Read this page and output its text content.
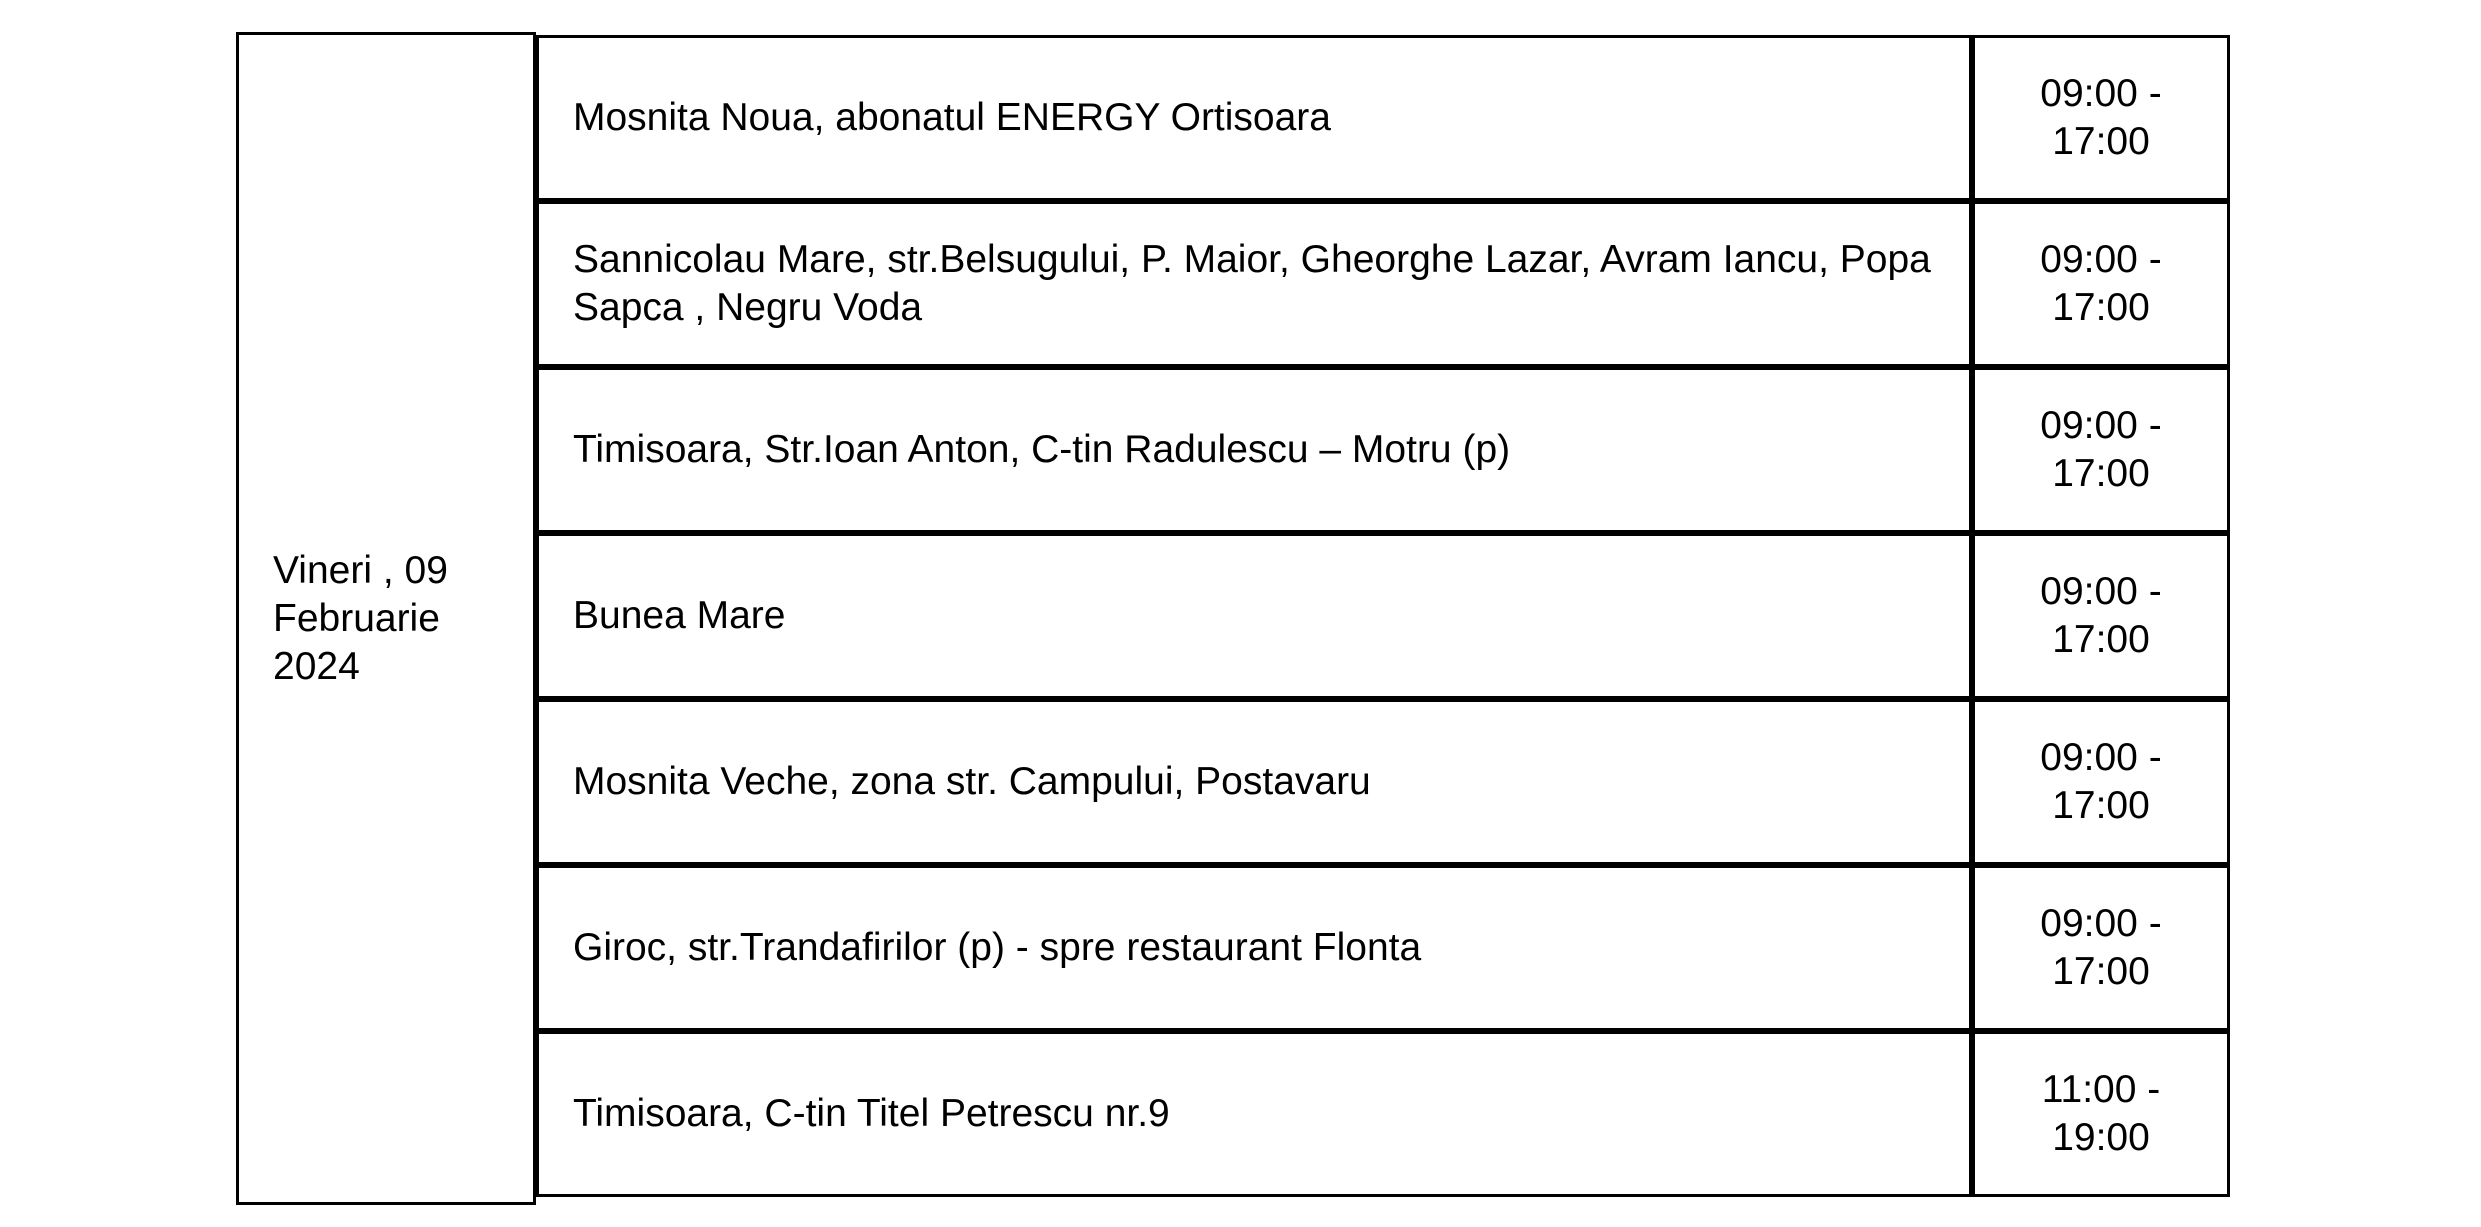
Vineri , 09
Februarie
2024
Mosnita Noua, abonatul ENERGY Ortisoara
09:00 -
17:00
Sannicolau Mare, str.Belsugului, P. Maior, Gheorghe Lazar, Avram Iancu, Popa Sapca , Negru Voda
09:00 -
17:00
Timisoara, Str.Ioan Anton, C-tin Radulescu – Motru (p)
09:00 -
17:00
Bunea Mare
09:00 -
17:00
Mosnita Veche, zona str. Campului, Postavaru
09:00 -
17:00
Giroc, str.Trandafirilor (p) - spre restaurant Flonta
09:00 -
17:00
Timisoara, C-tin Titel Petrescu nr.9
11:00 -
19:00
